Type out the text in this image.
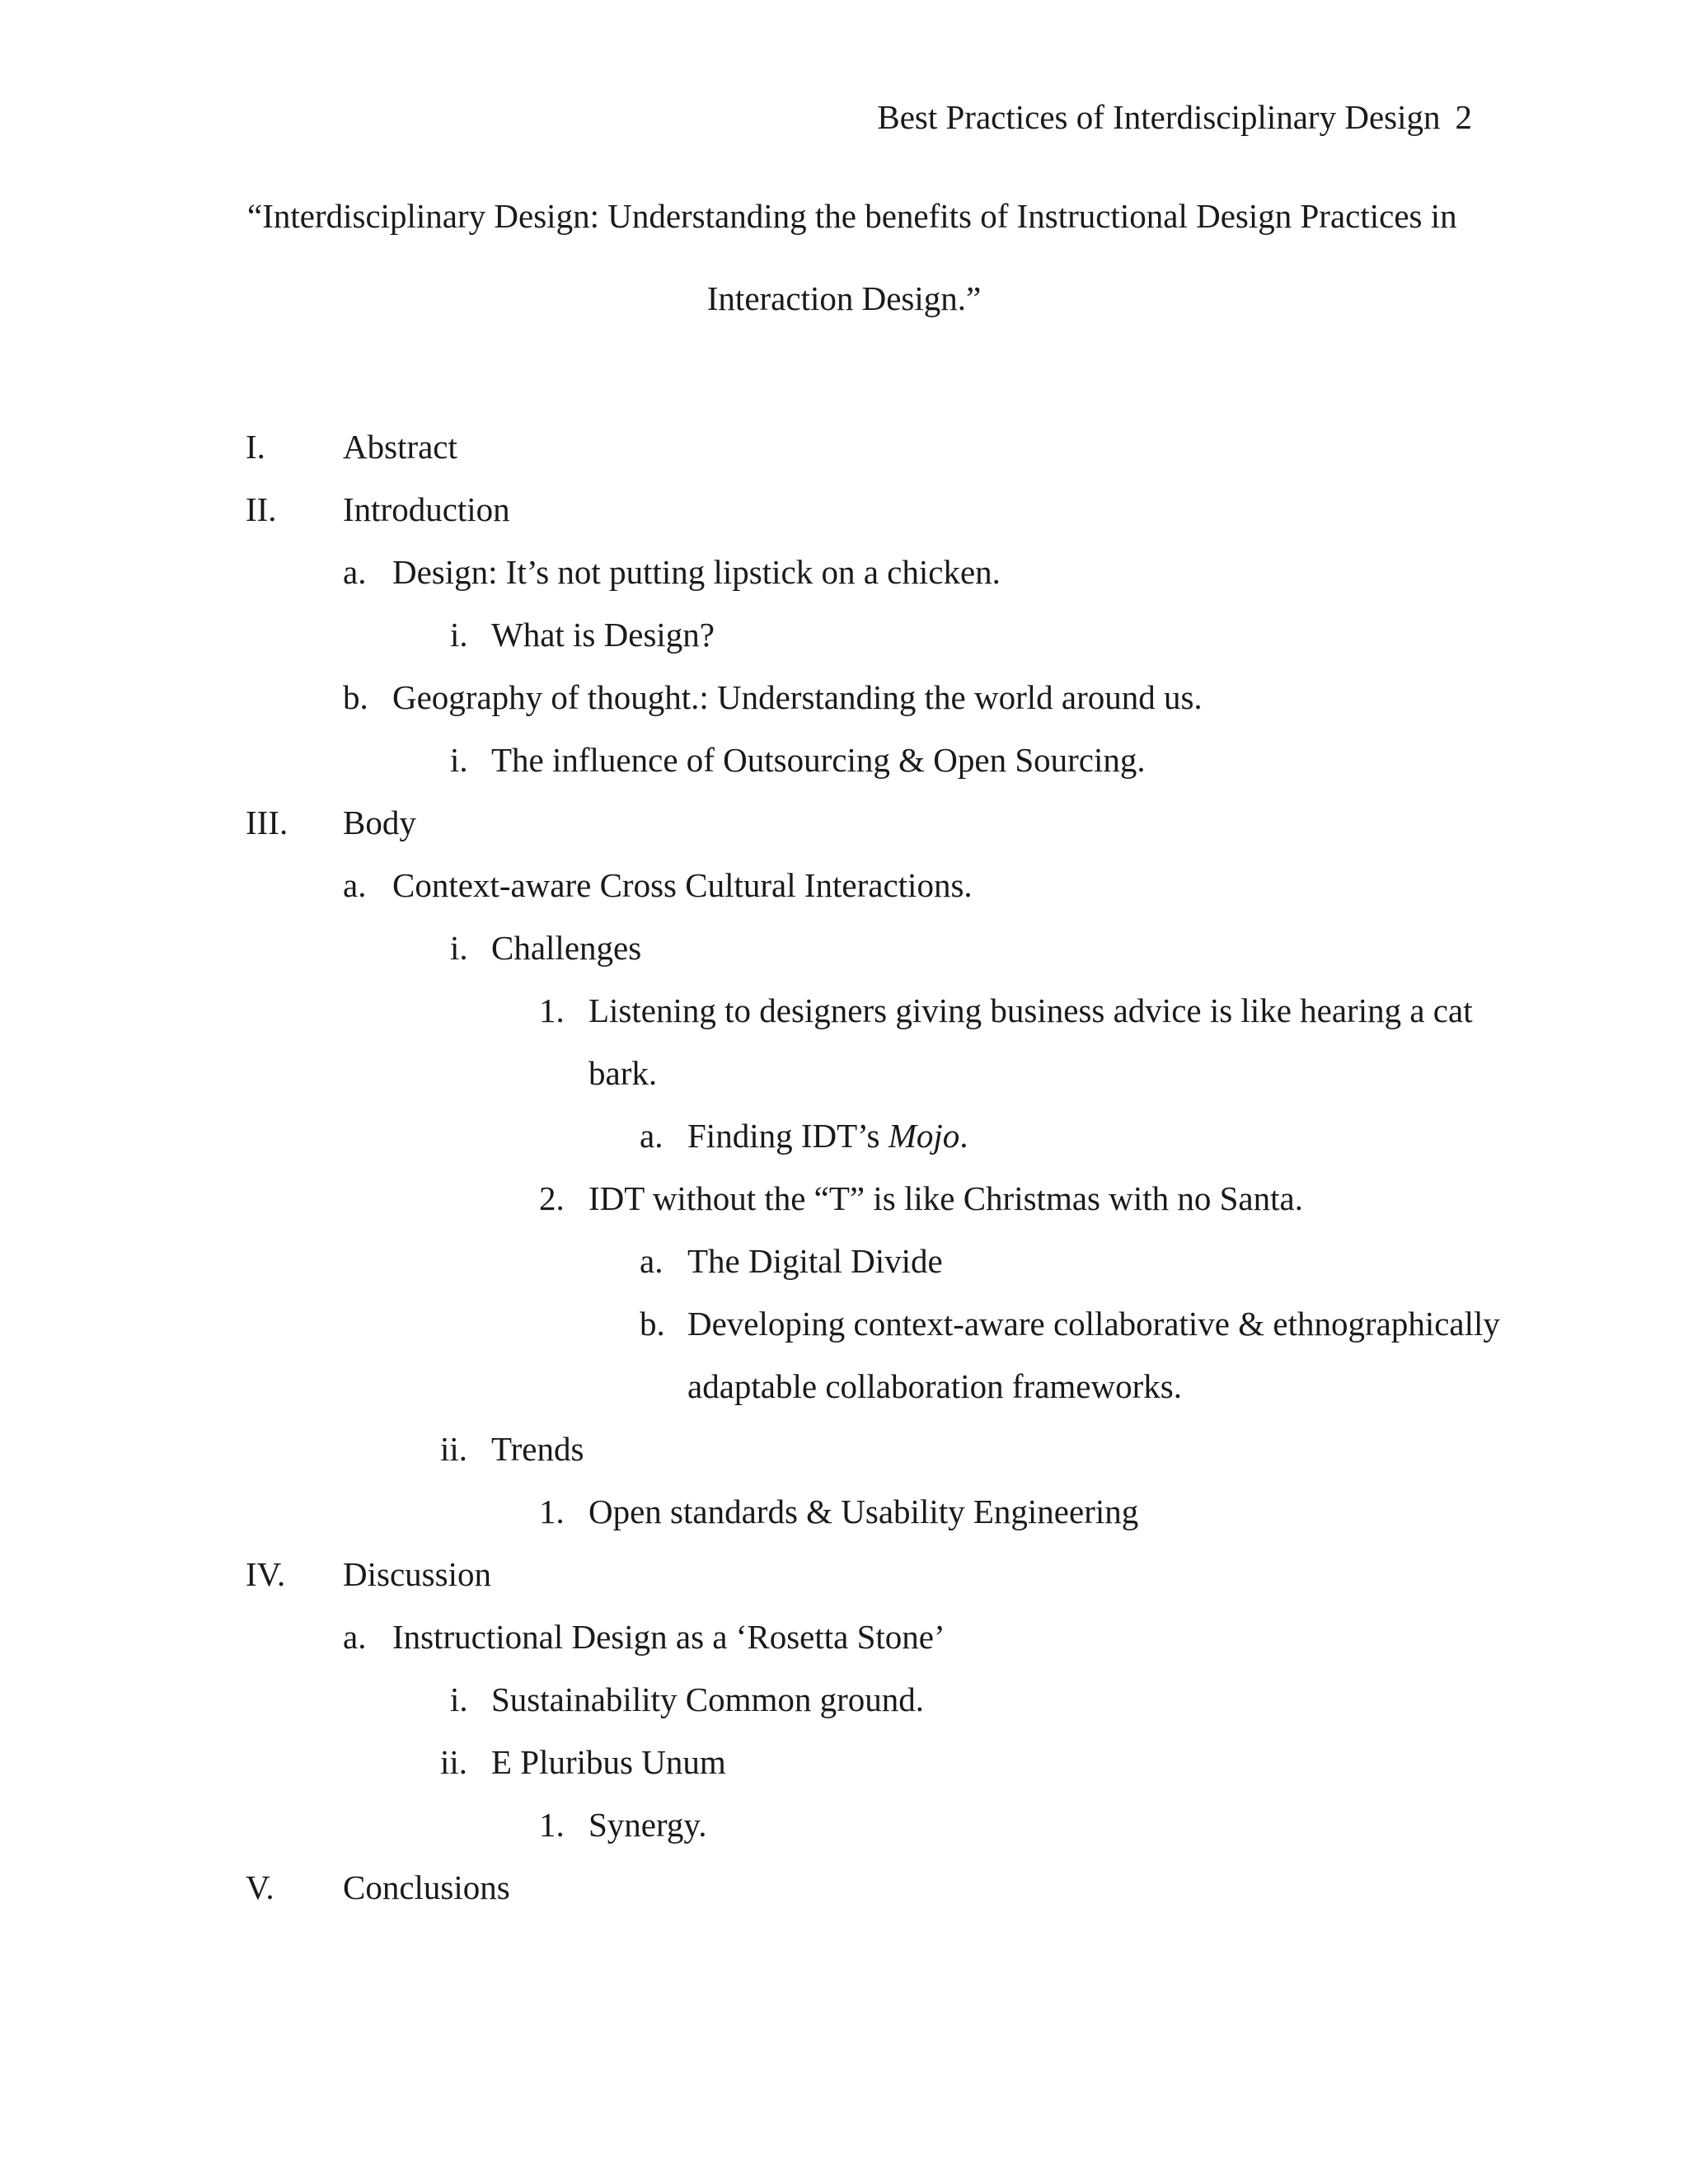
Best Practices of Interdisciplinary Design 2
“Interdisciplinary Design: Understanding the benefits of Instructional Design Practices in
Interaction Design.”
I. Abstract
II. Introduction
a. Design: It’s not putting lipstick on a chicken.
i. What is Design?
b. Geography of thought.: Understanding the world around us.
i. The influence of Outsourcing & Open Sourcing.
III. Body
a. Context-aware Cross Cultural Interactions.
i. Challenges
1. Listening to designers giving business advice is like hearing a cat
bark.
a. Finding IDT’s Mojo.
2. IDT without the “T” is like Christmas with no Santa.
a. The Digital Divide
b. Developing context-aware collaborative & ethnographically
adaptable collaboration frameworks.
ii. Trends
1. Open standards & Usability Engineering
IV. Discussion
a. Instructional Design as a ‘Rosetta Stone’
i. Sustainability Common ground.
ii. E Pluribus Unum
1. Synergy.
V. Conclusions
